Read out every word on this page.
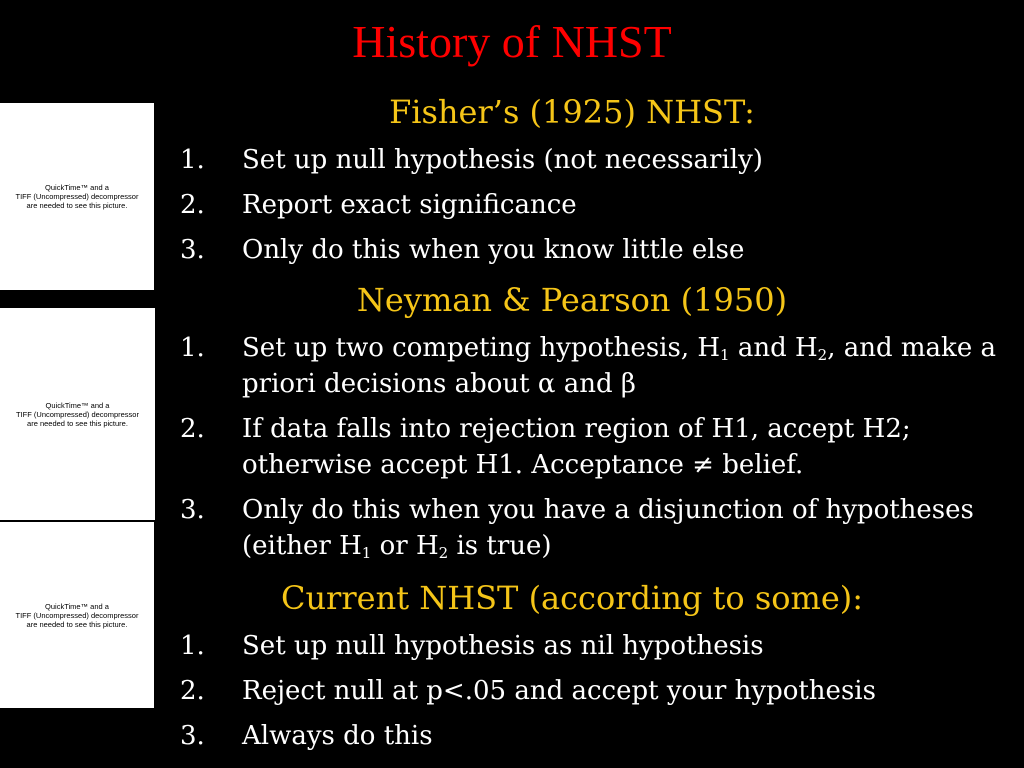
History of NHST
QuickTime™ and a
TIFF (Uncompressed) decompressor
are needed to see this picture.
QuickTime™ and a
TIFF (Uncompressed) decompressor
are needed to see this picture.
QuickTime™ and a
TIFF (Uncompressed) decompressor
are needed to see this picture.
Fisher’s (1925) NHST:
1.	Set up null hypothesis (not necessarily)
2.	Report exact significance
3.	Only do this when you know little else
Neyman & Pearson (1950)
1.	Set up two competing hypothesis, $H_1$ and $H_2$, and make a priori decisions about α and β
2.	If data falls into rejection region of H1, accept H2; otherwise accept H1. Acceptance ≠ belief.
3.	Only do this when you have a disjunction of hypotheses (either $H_1$ or $H_2$ is true)
Current NHST (according to some):
1.	Set up null hypothesis as nil hypothesis
2.	Reject null at p<.05 and accept your hypothesis
3.	Always do this
